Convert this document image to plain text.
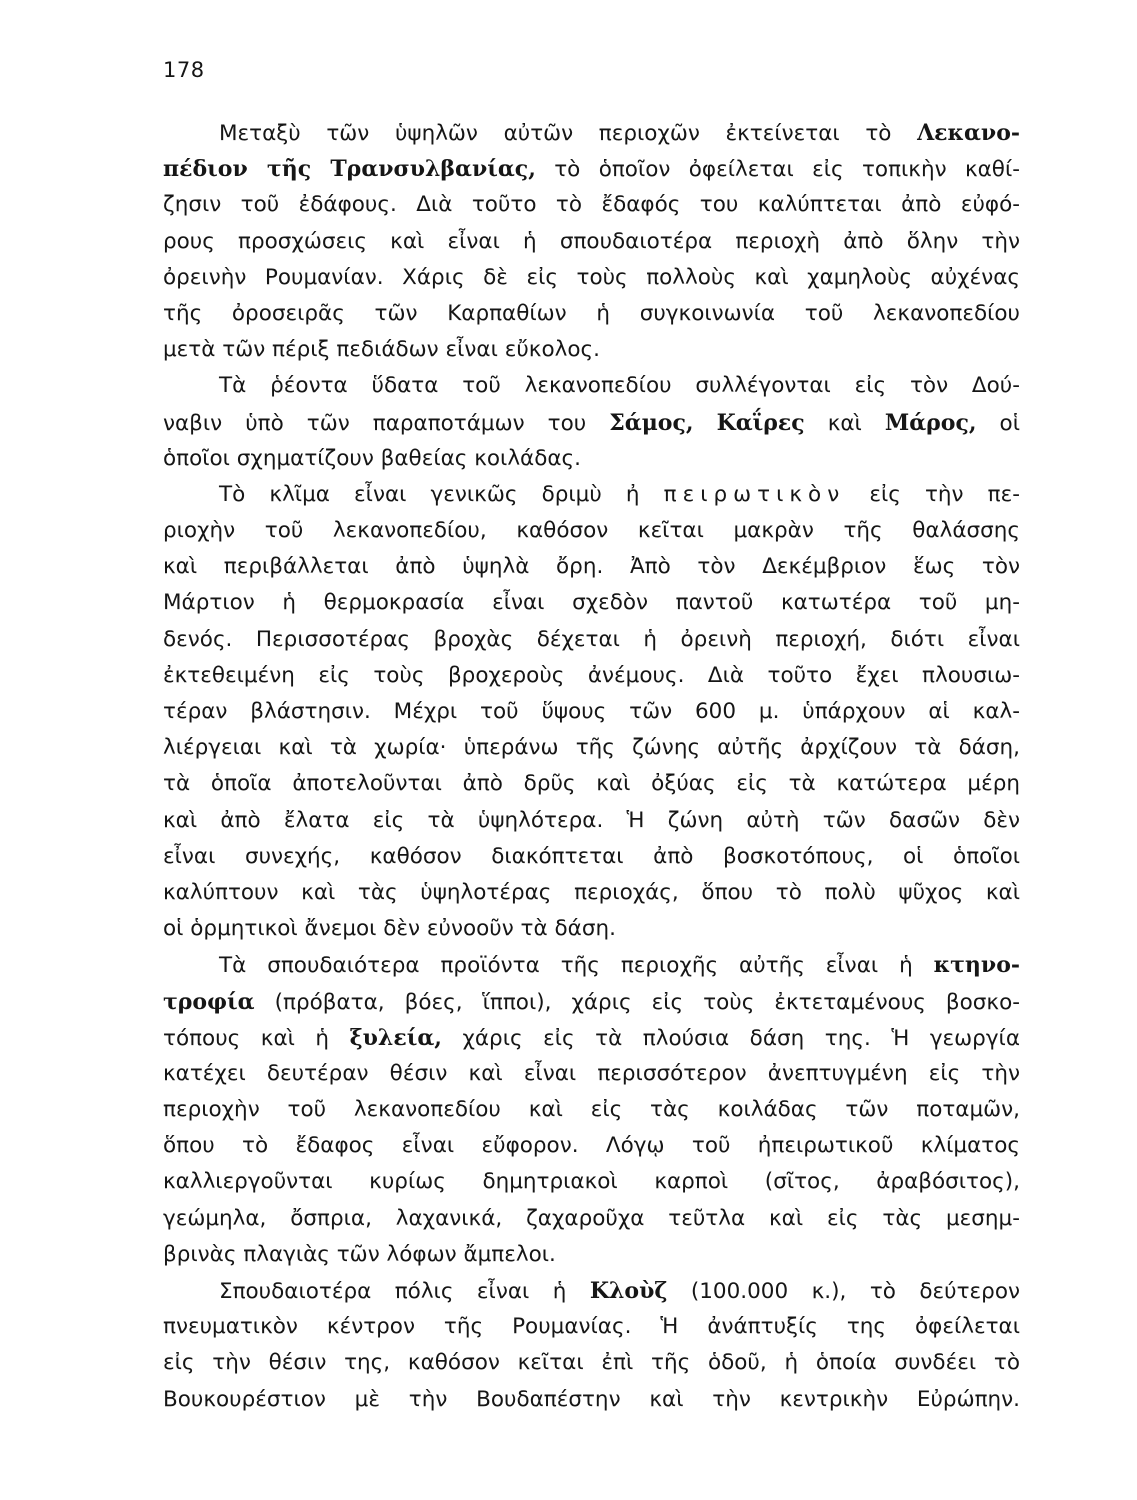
178
Μεταξὺ τῶν ὑψηλῶν αὐτῶν περιοχῶν ἐκτείνεται τὸ Λεκανο-
πέδιον τῆς Τρανσυλβανίας, τὸ ὁποῖον ὀφείλεται εἰς τοπικὴν καθί-
ζησιν τοῦ ἐδάφους. Διὰ τοῦτο τὸ ἔδαφός του καλύπτεται ἀπὸ εὐφό-
ρους προσχώσεις καὶ εἶναι ἡ σπουδαιοτέρα περιοχὴ ἀπὸ ὅλην τὴν
ὀρεινὴν Ρουμανίαν. Χάρις δὲ εἰς τοὺς πολλοὺς καὶ χαμηλοὺς αὐχένας
τῆς ὀροσειρᾶς τῶν Καρπαθίων ἡ συγκοινωνία τοῦ λεκανοπεδίου
μετὰ τῶν πέριξ πεδιάδων εἶναι εὔκολος.
Τὰ ῥέοντα ὕδατα τοῦ λεκανοπεδίου συλλέγονται εἰς τὸν Δού-
ναβιν ὑπὸ τῶν παραποτάμων του Σάμος, Καΐρες καὶ Μάρος, οἱ
ὁποῖοι σχηματίζουν βαθείας κοιλάδας.
Τὸ κλῖμα εἶναι γενικῶς δριμὺ ἠ πειρωτικὸν εἰς τὴν πε-
ριοχὴν τοῦ λεκανοπεδίου, καθόσον κεῖται μακρὰν τῆς θαλάσσης
καὶ περιβάλλεται ἀπὸ ὑψηλὰ ὄρη. Ἀπὸ τὸν Δεκέμβριον ἕως τὸν
Μάρτιον ἡ θερμοκρασία εἶναι σχεδὸν παντοῦ κατωτέρα τοῦ μη-
δενός. Περισσοτέρας βροχὰς δέχεται ἡ ὀρεινὴ περιοχή, διότι εἶναι
ἐκτεθειμένη εἰς τοὺς βροχεροὺς ἀνέμους. Διὰ τοῦτο ἔχει πλουσιω-
τέραν βλάστησιν. Μέχρι τοῦ ὕψους τῶν 600 μ. ὑπάρχουν αἱ καλ-
λιέργειαι καὶ τὰ χωρία· ὑπεράνω τῆς ζώνης αὐτῆς ἀρχίζουν τὰ δάση,
τὰ ὁποῖα ἀποτελοῦνται ἀπὸ δρῦς καὶ ὀξύας εἰς τὰ κατώτερα μέρη
καὶ ἀπὸ ἔλατα εἰς τὰ ὑψηλότερα. Ἡ ζώνη αὐτὴ τῶν δασῶν δὲν
εἶναι συνεχής, καθόσον διακόπτεται ἀπὸ βοσκοτόπους, οἱ ὁποῖοι
καλύπτουν καὶ τὰς ὑψηλοτέρας περιοχάς, ὅπου τὸ πολὺ ψῦχος καὶ
οἱ ὁρμητικοὶ ἄνεμοι δὲν εὐνοοῦν τὰ δάση.
Τὰ σπουδαιότερα προϊόντα τῆς περιοχῆς αὐτῆς εἶναι ἡ κτηνο-
τροφία (πρόβατα, βόες, ἵπποι), χάρις εἰς τοὺς ἐκτεταμένους βοσκο-
τόπους καὶ ἡ ξυλεία, χάρις εἰς τὰ πλούσια δάση της. Ἡ γεωργία
κατέχει δευτέραν θέσιν καὶ εἶναι περισσότερον ἀνεπτυγμένη εἰς τὴν
περιοχὴν τοῦ λεκανοπεδίου καὶ εἰς τὰς κοιλάδας τῶν ποταμῶν,
ὅπου τὸ ἔδαφος εἶναι εὔφορον. Λόγῳ τοῦ ἠπειρωτικοῦ κλίματος
καλλιεργοῦνται κυρίως δημητριακοὶ καρποὶ (σῖτος, ἀραβόσιτος),
γεώμηλα, ὄσπρια, λαχανικά, ζαχαροῦχα τεῦτλα καὶ εἰς τὰς μεσημ-
βρινὰς πλαγιὰς τῶν λόφων ἄμπελοι.
Σπουδαιοτέρα πόλις εἶναι ἡ Κλοὺζ (100.000 κ.), τὸ δεύτερον
πνευματικὸν κέντρον τῆς Ρουμανίας. Ἡ ἀνάπτυξίς της ὀφείλεται
εἰς τὴν θέσιν της, καθόσον κεῖται ἐπὶ τῆς ὁδοῦ, ἡ ὁποία συνδέει τὸ
Βουκουρέστιον μὲ τὴν Βουδαπέστην καὶ τὴν κεντρικὴν Εὐρώπην.
